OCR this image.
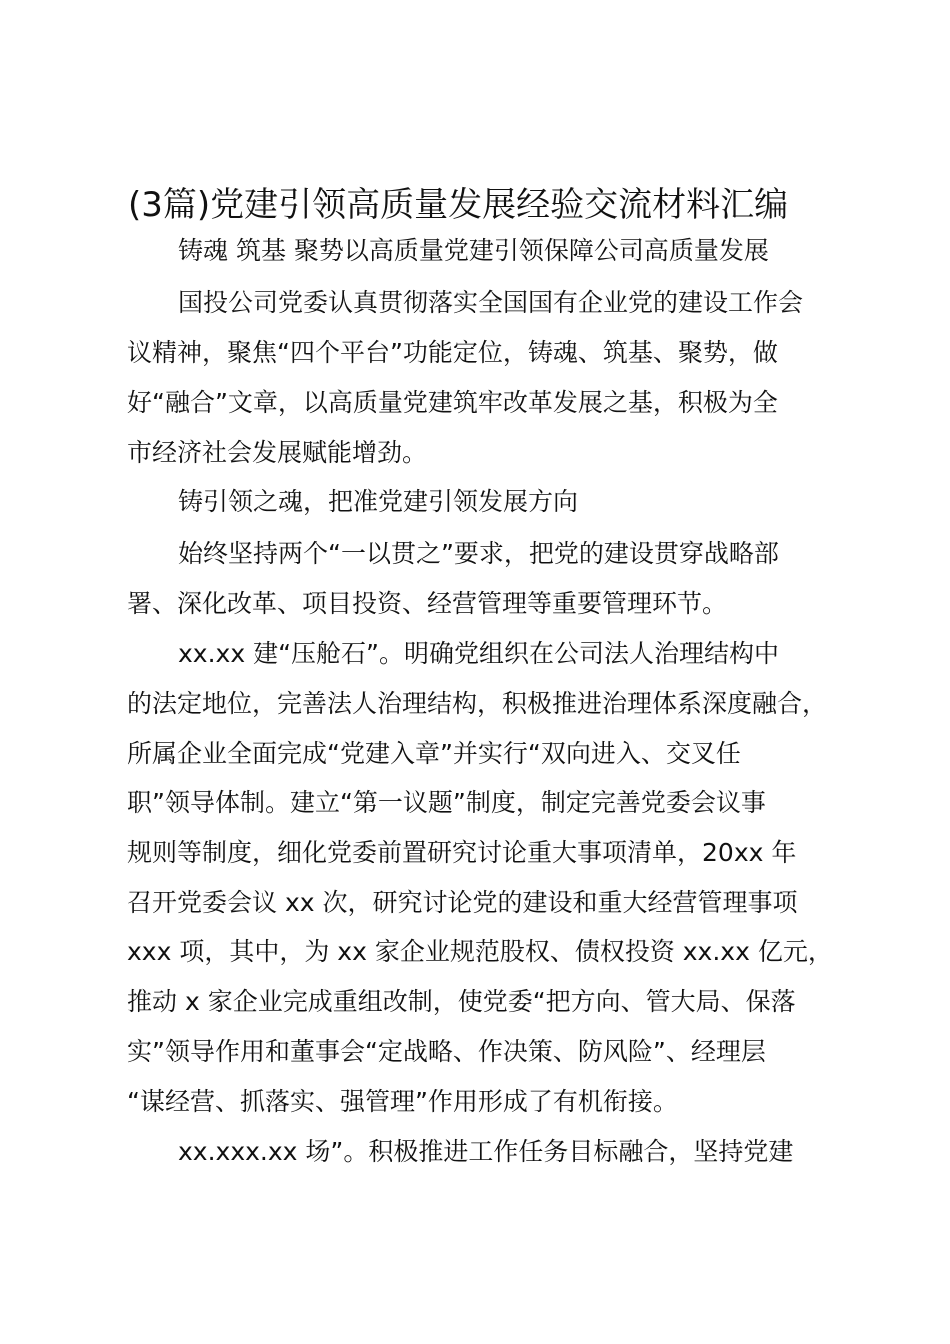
(3篇)党建引领高质量发展经验交流材料汇编
铸魂 筑基 聚势以高质量党建引领保障公司高质量发展
国投公司党委认真贯彻落实全国国有企业党的建设工作会
议精神，聚焦“四个平台”功能定位，铸魂、筑基、聚势，做
好“融合”文章，以高质量党建筑牢改革发展之基，积极为全
市经济社会发展赋能增劲。
铸引领之魂，把准党建引领发展方向
始终坚持两个“一以贯之”要求，把党的建设贯穿战略部
署、深化改革、项目投资、经营管理等重要管理环节。
xx.xx 建“压舱石”。明确党组织在公司法人治理结构中
的法定地位，完善法人治理结构，积极推进治理体系深度融合，
所属企业全面完成“党建入章”并实行“双向进入、交叉任
职”领导体制。建立“第一议题”制度，制定完善党委会议事
规则等制度，细化党委前置研究讨论重大事项清单，20xx 年
召开党委会议 xx 次，研究讨论党的建设和重大经营管理事项
xxx 项，其中，为 xx 家企业规范股权、债权投资 xx.xx 亿元，
推动 x 家企业完成重组改制，使党委“把方向、管大局、保落
实”领导作用和董事会“定战略、作决策、防风险”、经理层
“谋经营、抓落实、强管理”作用形成了有机衔接。
xx.xxx.xx 场”。积极推进工作任务目标融合，坚持党建
